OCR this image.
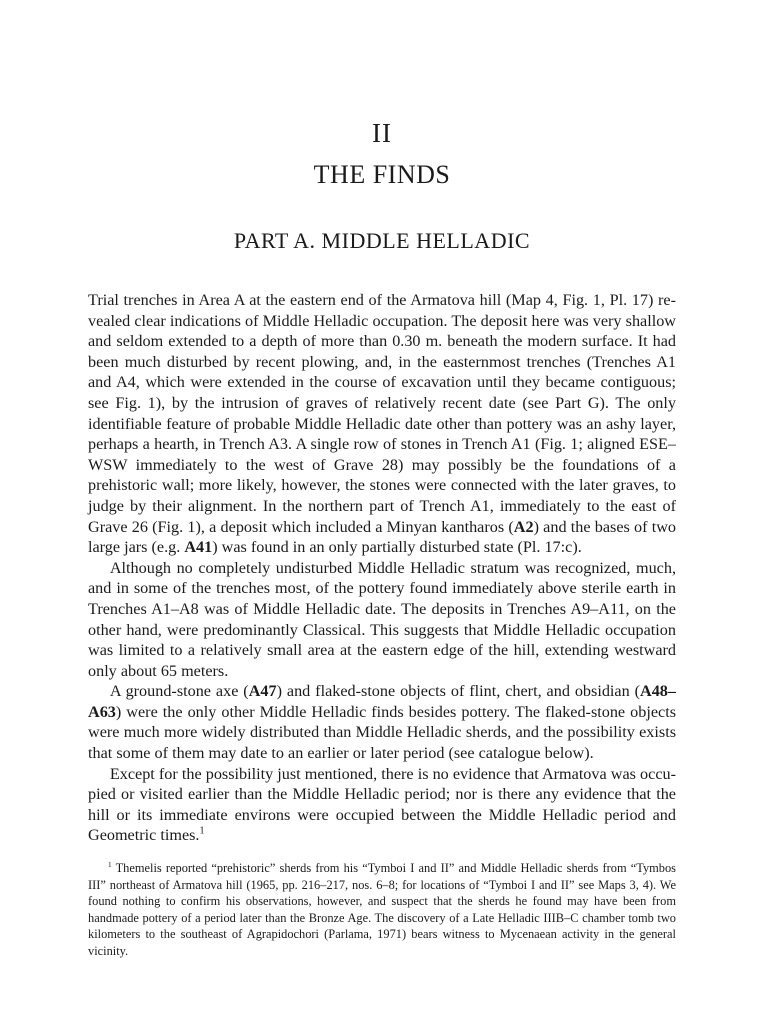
II
THE FINDS
PART A. MIDDLE HELLADIC

Trial trenches in Area A at the eastern end of the Armatova hill (Map 4, Fig. 1, Pl. 17) revealed clear indications of Middle Helladic occupation. The deposit here was very shallow and seldom extended to a depth of more than 0.30 m. beneath the modern surface. It had been much disturbed by recent plowing, and, in the easternmost trenches (Trenches A1 and A4, which were extended in the course of excavation until they became contiguous; see Fig. 1), by the intrusion of graves of relatively recent date (see Part G). The only identifiable feature of probable Middle Helladic date other than pottery was an ashy layer, perhaps a hearth, in Trench A3. A single row of stones in Trench A1 (Fig. 1; aligned ESE–WSW immediately to the west of Grave 28) may possibly be the foundations of a prehistoric wall; more likely, however, the stones were connected with the later graves, to judge by their alignment. In the northern part of Trench A1, immediately to the east of Grave 26 (Fig. 1), a deposit which included a Minyan kantharos (A2) and the bases of two large jars (e.g. A41) was found in an only partially disturbed state (Pl. 17:c).

Although no completely undisturbed Middle Helladic stratum was recognized, much, and in some of the trenches most, of the pottery found immediately above sterile earth in Trenches A1–A8 was of Middle Helladic date. The deposits in Trenches A9–A11, on the other hand, were predominantly Classical. This suggests that Middle Helladic occupation was limited to a relatively small area at the eastern edge of the hill, extending westward only about 65 meters.

A ground-stone axe (A47) and flaked-stone objects of flint, chert, and obsidian (A48–A63) were the only other Middle Helladic finds besides pottery. The flaked-stone objects were much more widely distributed than Middle Helladic sherds, and the possibility exists that some of them may date to an earlier or later period (see catalogue below).

Except for the possibility just mentioned, there is no evidence that Armatova was occupied or visited earlier than the Middle Helladic period; nor is there any evidence that the hill or its immediate environs were occupied between the Middle Helladic period and Geometric times.$^1$

$^1$ Themelis reported “prehistoric” sherds from his “Tymboi I and II” and Middle Helladic sherds from “Tymbos III” northeast of Armatova hill (1965, pp. 216–217, nos. 6–8; for locations of “Tymboi I and II” see Maps 3, 4). We found nothing to confirm his observations, however, and suspect that the sherds he found may have been from handmade pottery of a period later than the Bronze Age. The discovery of a Late Helladic IIIB–C chamber tomb two kilometers to the southeast of Agrapidochori (Parlama, 1971) bears witness to Mycenaean activity in the general vicinity.
